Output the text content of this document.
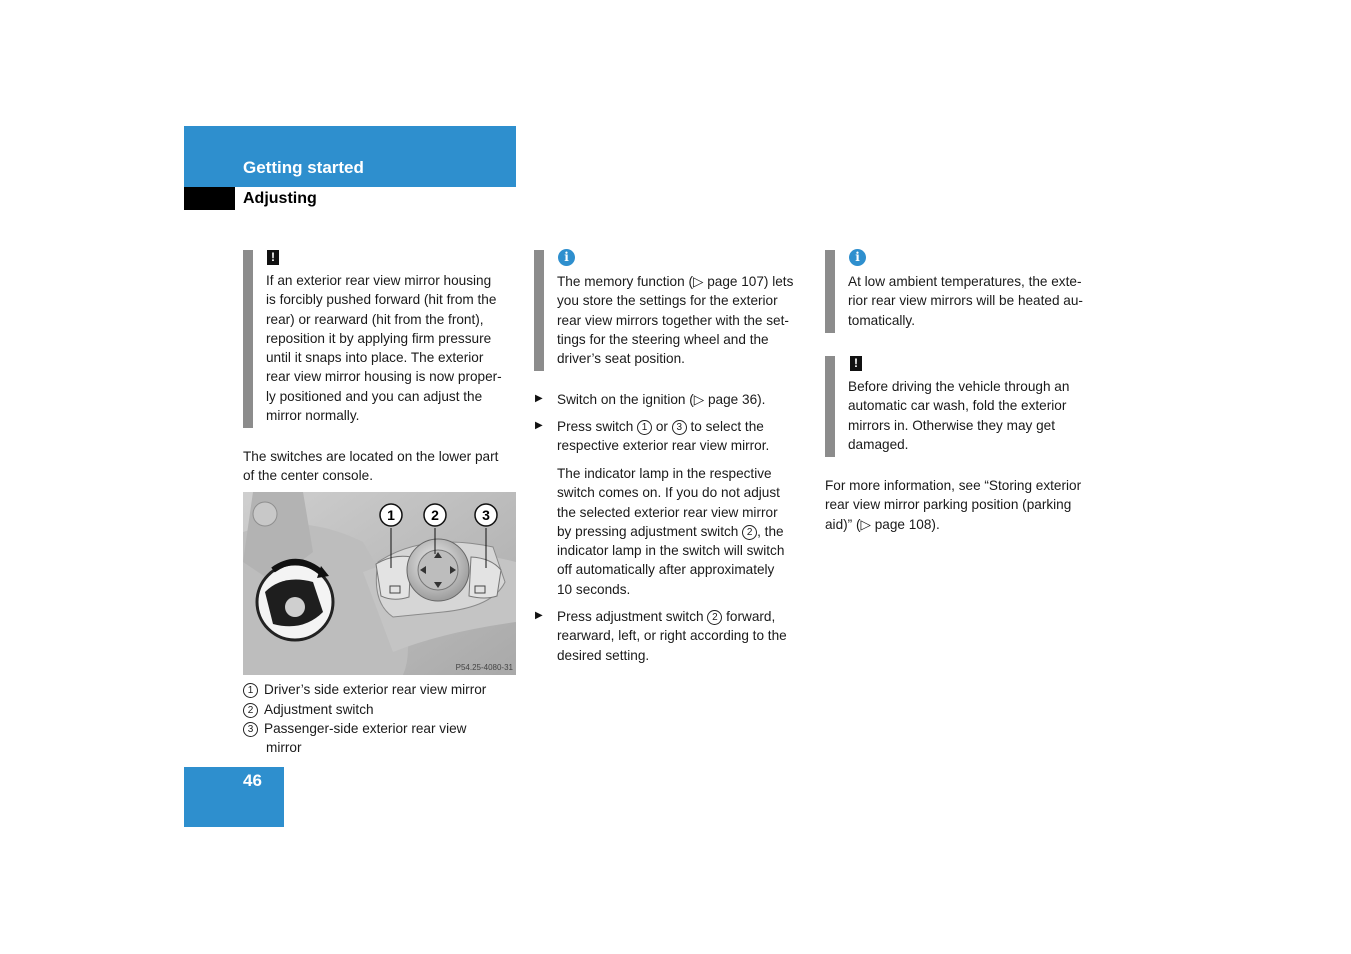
Getting started
Adjusting
!
If an exterior rear view mirror housing
is forcibly pushed forward (hit from the
rear) or rearward (hit from the front),
reposition it by applying firm pressure
until it snaps into place. The exterior
rear view mirror housing is now proper-
ly positioned and you can adjust the
mirror normally.
The switches are located on the lower part
of the center console.
1	2	3
P54.25-4080-31
1 Driver’s side exterior rear view mirror
2 Adjustment switch
3 Passenger-side exterior rear view
mirror
46
i
The memory function (▷ page 107) lets
you store the settings for the exterior
rear view mirrors together with the set-
tings for the steering wheel and the
driver’s seat position.
▶ Switch on the ignition (▷ page 36).
▶ Press switch 1 or 3 to select the
respective exterior rear view mirror.
The indicator lamp in the respective
switch comes on. If you do not adjust
the selected exterior rear view mirror
by pressing adjustment switch 2 , the
indicator lamp in the switch will switch
off automatically after approximately
10 seconds.
▶ Press adjustment switch 2 forward,
rearward, left, or right according to the
desired setting.
i
At low ambient temperatures, the exte-
rior rear view mirrors will be heated au-
tomatically.
!
Before driving the vehicle through an
automatic car wash, fold the exterior
mirrors in. Otherwise they may get
damaged.
For more information, see “Storing exterior
rear view mirror parking position (parking
aid)” (▷ page 108).
